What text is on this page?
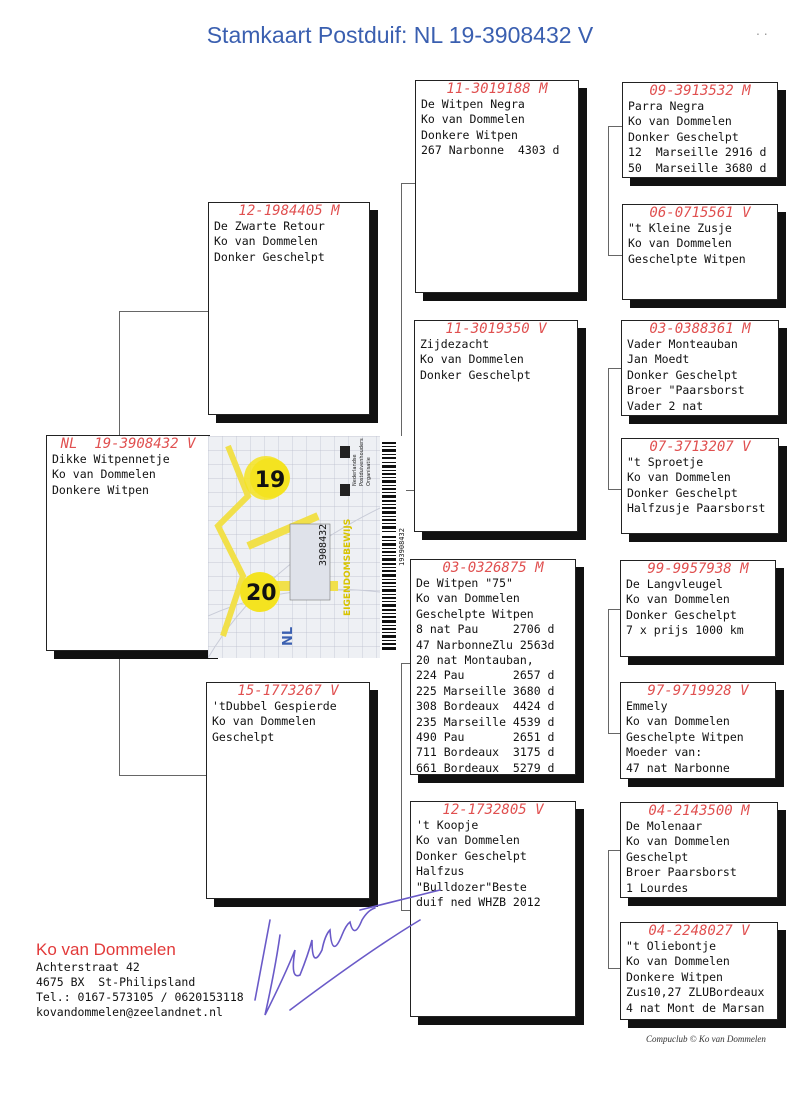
Stamkaart Postduif: NL 19-3908432 V	. .
NL  19-3908432 V
Dikke Witpennetje
Ko van Dommelen
Donkere Witpen
12-1984405 M
De Zwarte Retour
Ko van Dommelen
Donker Geschelpt
15-1773267 V
'tDubbel Gespierde
Ko van Dommelen
Geschelpt
11-3019188 M
De Witpen Negra
Ko van Dommelen
Donkere Witpen
267 Narbonne  4303 d
11-3019350 V
Zijdezacht
Ko van Dommelen
Donker Geschelpt
03-0326875 M
De Witpen "75"
Ko van Dommelen
Geschelpte Witpen
8 nat Pau     2706 d
47 NarbonneZlu 2563d
20 nat Montauban,
224 Pau       2657 d
225 Marseille 3680 d
308 Bordeaux  4424 d
235 Marseille 4539 d
490 Pau       2651 d
711 Bordeaux  3175 d
661 Bordeaux  5279 d
12-1732805 V
't Koopje
Ko van Dommelen
Donker Geschelpt
Halfzus
"Bulldozer"Beste
duif ned WHZB 2012
09-3913532 M
Parra Negra
Ko van Dommelen
Donker Geschelpt
12  Marseille 2916 d
50  Marseille 3680 d
06-0715561 V
"t Kleine Zusje
Ko van Dommelen
Geschelpte Witpen
03-0388361 M
Vader Monteauban
Jan Moedt
Donker Geschelpt
Broer "Paarsborst
Vader 2 nat
07-3713207 V
"t Sproetje
Ko van Dommelen
Donker Geschelpt
Halfzusje Paarsborst
99-9957938 M
De Langvleugel
Ko van Dommelen
Donker Geschelpt
7 x prijs 1000 km
97-9719928 V
Emmely
Ko van Dommelen
Geschelpte Witpen
Moeder van:
47 nat Narbonne
04-2143500 M
De Molenaar
Ko van Dommelen
Geschelpt
Broer Paarsborst
1 Lourdes
04-2248027 V
"t Oliebontje
Ko van Dommelen
Donkere Witpen
Zus10,27 ZLUBordeaux
4 nat Mont de Marsan
19
20
3908432
NL
EIGENDOMSBEWIJS
Nederlandse Postduivenhouders Organisatie
193908432
Ko van Dommelen
Achterstraat 42
4675 BX  St-Philipsland
Tel.: 0167-573105 / 0620153118
kovandommelen@zeelandnet.nl
Compuclub © Ko van Dommelen
